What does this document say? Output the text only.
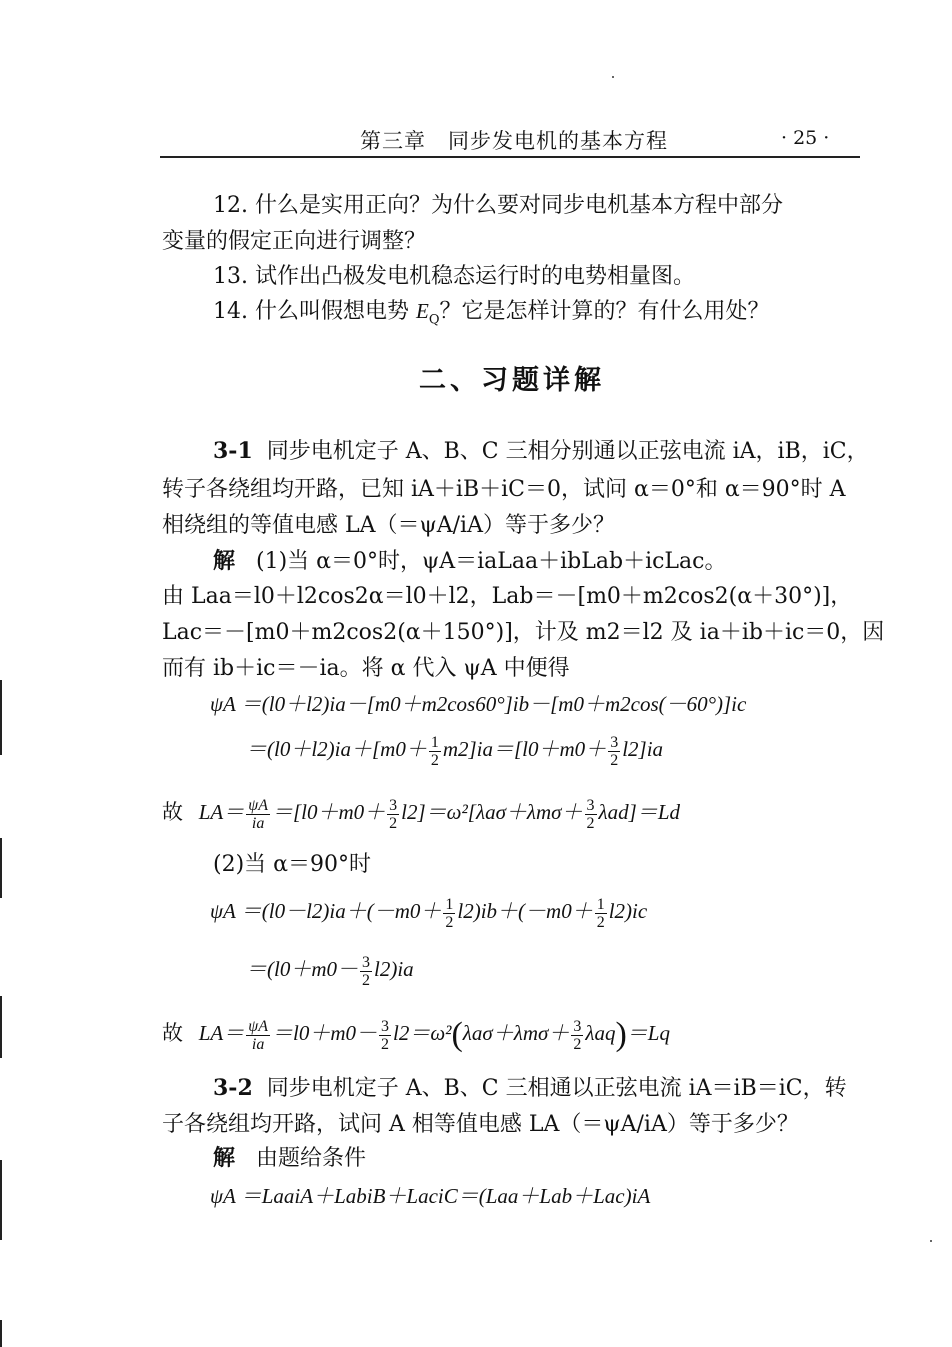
第三章　同步发电机的基本方程	· 25 ·
12. 什么是实用正向？为什么要对同步电机基本方程中部分
变量的假定正向进行调整？
13. 试作出凸极发电机稳态运行时的电势相量图。
14. 什么叫假想电势 $E_Q$？它是怎样计算的？有什么用处？
二、习题详解
3-1 同步电机定子 A、B、C 三相分别通以正弦电流 iA，iB，iC，
转子各绕组均开路，已知 iA＋iB＋iC＝0，试问 α＝0°和 α＝90°时 A
相绕组的等值电感 LA（＝ψA/iA）等于多少？
解 (1)当 α＝0°时，ψA＝iaLaa＋ibLab＋icLac。
由 Laa＝l0＋l2cos2α＝l0＋l2，Lab＝－[m0＋m2cos2(α＋30°)]，
Lac＝－[m0＋m2cos2(α＋150°)]，计及 m2＝l2 及 ia＋ib＋ic＝0，因
而有 ib＋ic＝－ia。将 α 代入 ψA 中便得
ψA ＝(l0＋l2)ia－[m0＋m2cos60°]ib－[m0＋m2cos(－60°)]ic
$=(l0+l2)ia+[m0+ \frac{1}{2} m2]ia=[l0+m0+ \frac{3}{2} l2]ia$
故 $LA= \frac{\psi A}{ia} =[l0+m0+ \frac{3}{2} l2]=\omega^2[\lambda a\sigma+\lambda m\sigma+ \frac{3}{2} \lambda ad]=Ld$
(2)当 α＝90°时
$\psi A =(l0-l2)ia+(-m0+ \frac{1}{2} l2)ib+(-m0+ \frac{1}{2} l2)ic$
$=(l0+m0- \frac{3}{2} l2)ia$
故 $LA= \frac{\psi A}{ia} =l0+m0- \frac{3}{2} l2=\omega^2(\lambda a\sigma+\lambda m\sigma+ \frac{3}{2} \lambda aq)=Lq$
3-2 同步电机定子 A、B、C 三相通以正弦电流 iA＝iB＝iC，转
子各绕组均开路，试问 A 相等值电感 LA（＝ψA/iA）等于多少？
解 由题给条件
ψA ＝LaaiA＋LabiB＋LaciC＝(Laa＋Lab＋Lac)iA
